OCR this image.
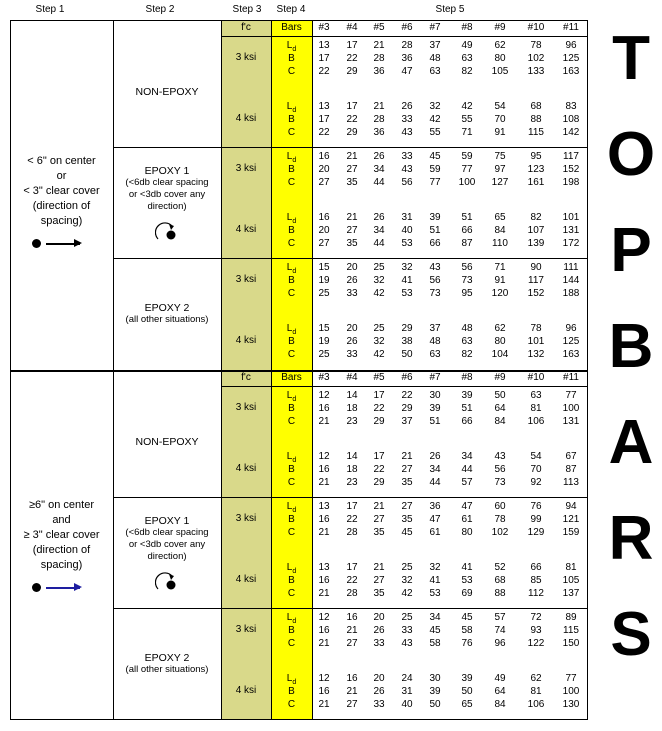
Step 1	Step 2	Step 3	Step 4	Step 5
f'c	Bars #3 #4 #5 #6 #7 #8 #9 #10 #11
< 6" on center
or
< 3" clear cover
(direction of
spacing)
NON-EPOXY
3 ksi
$L_d$ 13 17 21 28 37 49 62 78 96
B 17 22 28 36 48 63 80 102 125
C 22 29 36 47 63 82 105 133 163
4 ksi
$L_d$ 13 17 21 26 32 42 54 68 83
B 17 22 28 33 42 55 70 88 108
C 22 29 36 43 55 71 91 115 142
EPOXY 1
(<6db clear spacing
or <3db cover any
direction)
3 ksi
$L_d$ 16 21 26 33 45 59 75 95 117
B 20 27 34 43 59 77 97 123 152
C 27 35 44 56 77 100 127 161 198
4 ksi
$L_d$ 16 21 26 31 39 51 65 82 101
B 20 27 34 40 51 66 84 107 131
C 27 35 44 53 66 87 110 139 172
EPOXY 2
(all other situations)
3 ksi
$L_d$ 15 20 25 32 43 56 71 90 111
B 19 26 32 41 56 73 91 117 144
C 25 33 42 53 73 95 120 152 188
4 ksi
$L_d$ 15 20 25 29 37 48 62 78 96
B 19 26 32 38 48 63 80 101 125
C 25 33 42 50 63 82 104 132 163
f'c	Bars #3 #4 #5 #6 #7 #8 #9 #10 #11
≥6" on center
and
≥ 3" clear cover
(direction of
spacing)
NON-EPOXY
3 ksi
$L_d$ 12 14 17 22 30 39 50 63 77
B 16 18 22 29 39 51 64 81 100
C 21 23 29 37 51 66 84 106 131
4 ksi
$L_d$ 12 14 17 21 26 34 43 54 67
B 16 18 22 27 34 44 56 70 87
C 21 23 29 35 44 57 73 92 113
EPOXY 1
(<6db clear spacing
or <3db cover any
direction)
3 ksi
$L_d$ 13 17 21 27 36 47 60 76 94
B 16 22 27 35 47 61 78 99 121
C 21 28 35 45 61 80 102 129 159
4 ksi
$L_d$ 13 17 21 25 32 41 52 66 81
B 16 22 27 32 41 53 68 85 105
C 21 28 35 42 53 69 88 112 137
EPOXY 2
(all other situations)
3 ksi
$L_d$ 12 16 20 25 34 45 57 72 89
B 16 21 26 33 45 58 74 93 115
C 21 27 33 43 58 76 96 122 150
4 ksi
$L_d$ 12 16 20 24 30 39 49 62 77
B 16 21 26 31 39 50 64 81 100
C 21 27 33 40 50 65 84 106 130
T
O
P
B
A
R
S
